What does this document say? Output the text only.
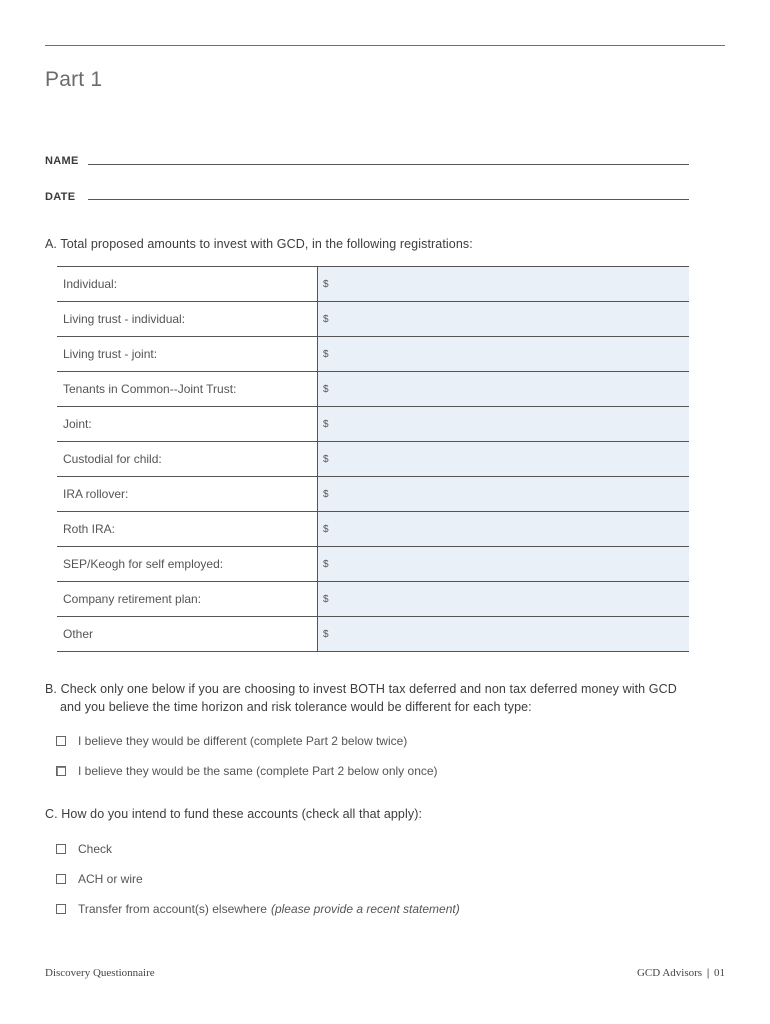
Part 1
NAME
DATE
A. Total proposed amounts to invest with GCD, in the following registrations:
Individual:	$
Living trust - individual:	$
Living trust - joint:	$
Tenants in Common--Joint Trust:	$
Joint:	$
Custodial for child:	$
IRA rollover:	$
Roth IRA:	$
SEP/Keogh for self employed:	$
Company retirement plan:	$
Other	$
B. Check only one below if you are choosing to invest BOTH tax deferred and non tax deferred money with GCD
and you believe the time horizon and risk tolerance would be different for each type:
I believe they would be different (complete Part 2 below twice)
I believe they would be the same (complete Part 2 below only once)
C. How do you intend to fund these accounts (check all that apply):
Check
ACH or wire
Transfer from account(s) elsewhere (please provide a recent statement)
Discovery Questionnaire	GCD Advisors | 01
